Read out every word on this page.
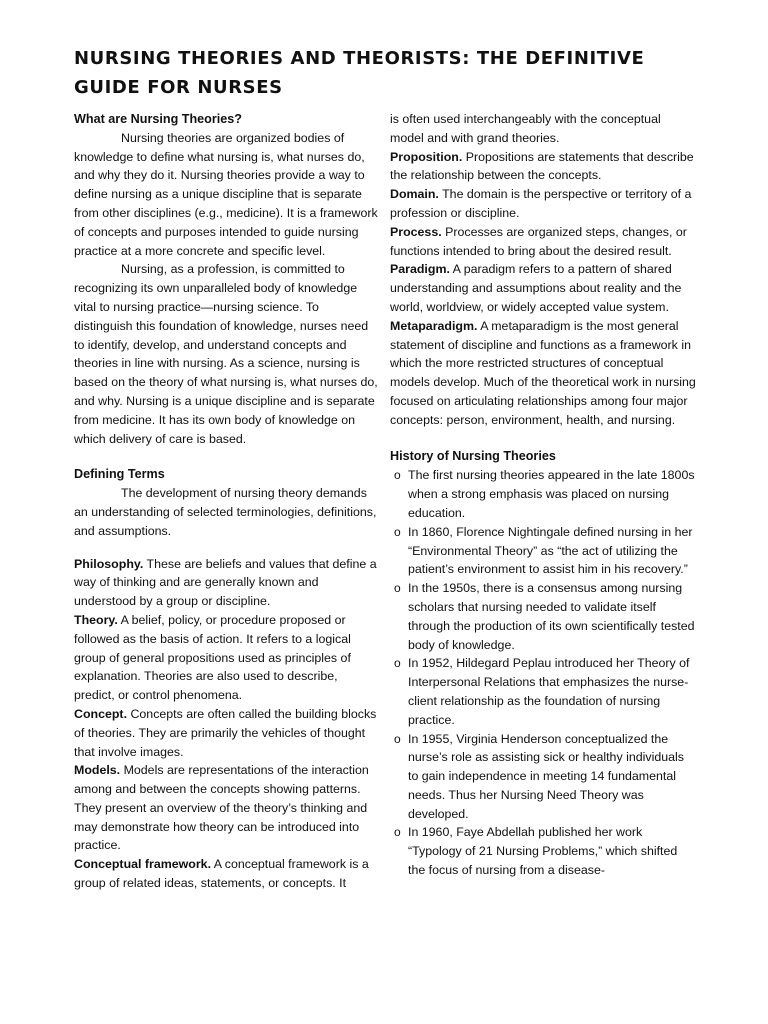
NURSING THEORIES AND THEORISTS: THE DEFINITIVE GUIDE FOR NURSES
What are Nursing Theories?

Nursing theories are organized bodies of knowledge to define what nursing is, what nurses do, and why they do it. Nursing theories provide a way to define nursing as a unique discipline that is separate from other disciplines (e.g., medicine). It is a framework of concepts and purposes intended to guide nursing practice at a more concrete and specific level.

Nursing, as a profession, is committed to recognizing its own unparalleled body of knowledge vital to nursing practice—nursing science. To distinguish this foundation of knowledge, nurses need to identify, develop, and understand concepts and theories in line with nursing. As a science, nursing is based on the theory of what nursing is, what nurses do, and why. Nursing is a unique discipline and is separate from medicine. It has its own body of knowledge on which delivery of care is based.

Defining Terms

The development of nursing theory demands an understanding of selected terminologies, definitions, and assumptions.

Philosophy. These are beliefs and values that define a way of thinking and are generally known and understood by a group or discipline.

Theory. A belief, policy, or procedure proposed or followed as the basis of action. It refers to a logical group of general propositions used as principles of explanation. Theories are also used to describe, predict, or control phenomena.

Concept. Concepts are often called the building blocks of theories. They are primarily the vehicles of thought that involve images.

Models. Models are representations of the interaction among and between the concepts showing patterns. They present an overview of the theory’s thinking and may demonstrate how theory can be introduced into practice.

Conceptual framework. A conceptual framework is a group of related ideas, statements, or concepts. It

is often used interchangeably with the conceptual model and with grand theories.

Proposition. Propositions are statements that describe the relationship between the concepts.

Domain. The domain is the perspective or territory of a profession or discipline.

Process. Processes are organized steps, changes, or functions intended to bring about the desired result.

Paradigm. A paradigm refers to a pattern of shared understanding and assumptions about reality and the world, worldview, or widely accepted value system.

Metaparadigm. A metaparadigm is the most general statement of discipline and functions as a framework in which the more restricted structures of conceptual models develop. Much of the theoretical work in nursing focused on articulating relationships among four major concepts: person, environment, health, and nursing.

History of Nursing Theories
o The first nursing theories appeared in the late 1800s when a strong emphasis was placed on nursing education.
o In 1860, Florence Nightingale defined nursing in her “Environmental Theory” as “the act of utilizing the patient’s environment to assist him in his recovery.”
o In the 1950s, there is a consensus among nursing scholars that nursing needed to validate itself through the production of its own scientifically tested body of knowledge.
o In 1952, Hildegard Peplau introduced her Theory of Interpersonal Relations that emphasizes the nurse-client relationship as the foundation of nursing practice.
o In 1955, Virginia Henderson conceptualized the nurse’s role as assisting sick or healthy individuals to gain independence in meeting 14 fundamental needs. Thus her Nursing Need Theory was developed.
o In 1960, Faye Abdellah published her work “Typology of 21 Nursing Problems,” which shifted the focus of nursing from a disease-
